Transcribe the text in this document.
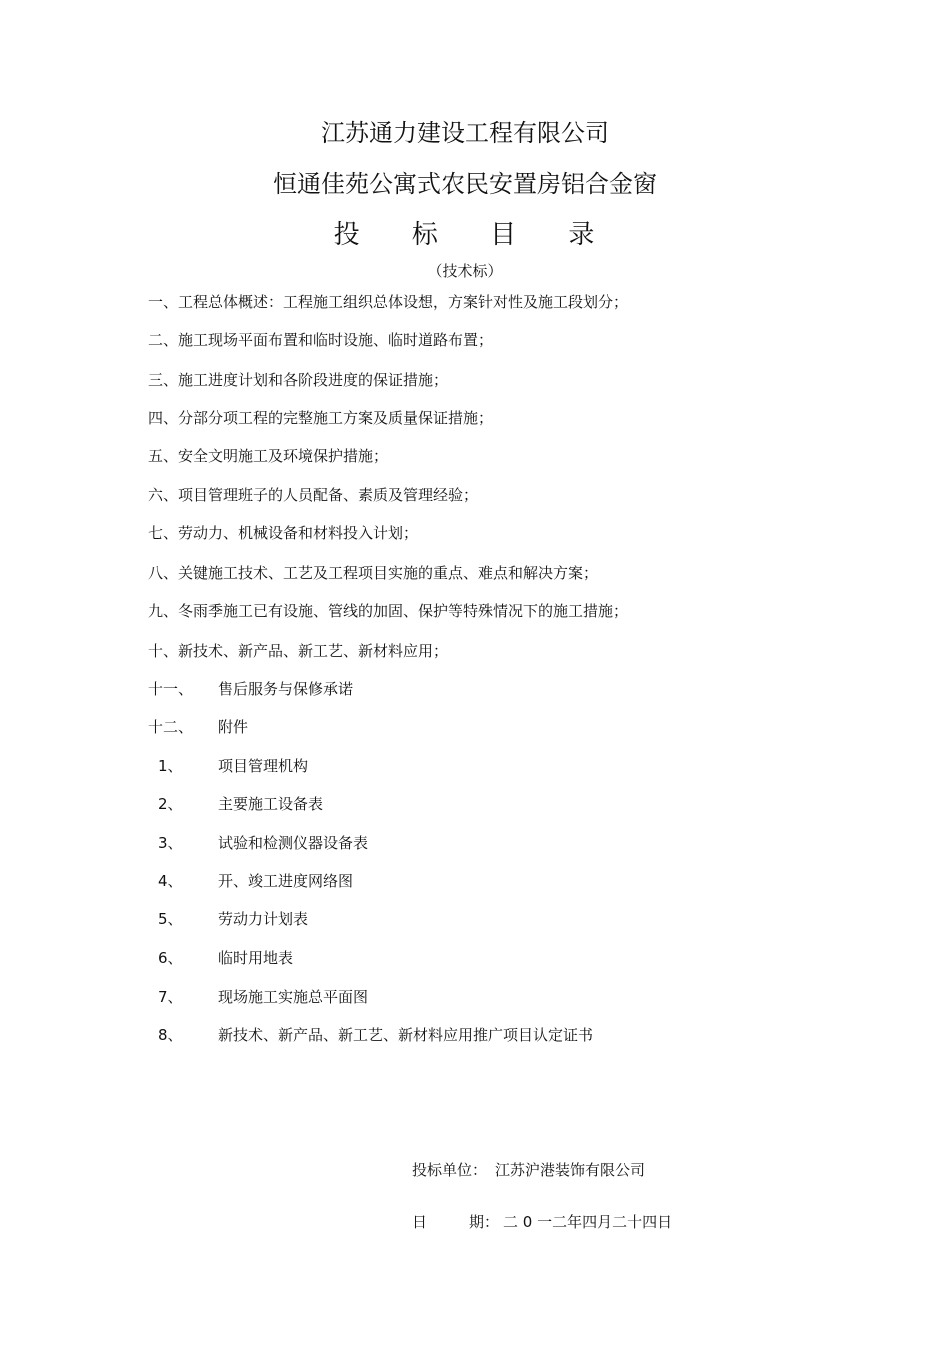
江苏通力建设工程有限公司
恒通佳苑公寓式农民安置房铝合金窗
投 标 目 录
（技术标）
一、工程总体概述：工程施工组织总体设想，方案针对性及施工段划分；
二、施工现场平面布置和临时设施、临时道路布置；
三、施工进度计划和各阶段进度的保证措施；
四、分部分项工程的完整施工方案及质量保证措施；
五、安全文明施工及环境保护措施；
六、项目管理班子的人员配备、素质及管理经验；
七、劳动力、机械设备和材料投入计划；
八、关键施工技术、工艺及工程项目实施的重点、难点和解决方案；
九、冬雨季施工已有设施、管线的加固、保护等特殊情况下的施工措施；
十、新技术、新产品、新工艺、新材料应用；
十一、 售后服务与保修承诺
十二、 附件
1、 项目管理机构
2、 主要施工设备表
3、 试验和检测仪器设备表
4、 开、竣工进度网络图
5、 劳动力计划表
6、 临时用地表
7、 现场施工实施总平面图
8、 新技术、新产品、新工艺、新材料应用推广项目认定证书
投标单位： 江苏沪港装饰有限公司
日	期： 二 0 一二年四月二十四日
